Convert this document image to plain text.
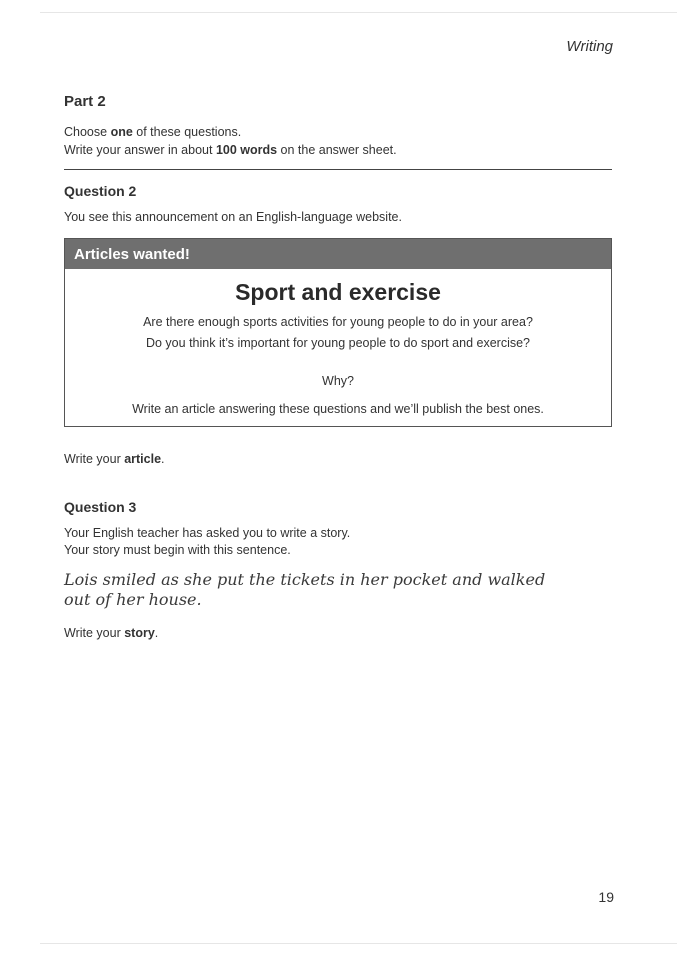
Writing
Part 2
Choose one of these questions.
Write your answer in about 100 words on the answer sheet.
Question 2
You see this announcement on an English-language website.
Articles wanted!
Sport and exercise
Are there enough sports activities for young people to do in your area?
Do you think it’s important for young people to do sport and exercise?
Why?
Write an article answering these questions and we’ll publish the best ones.
Write your article.
Question 3
Your English teacher has asked you to write a story.
Your story must begin with this sentence.
Lois smiled as she put the tickets in her pocket and walked out of her house.
Write your story.
19
